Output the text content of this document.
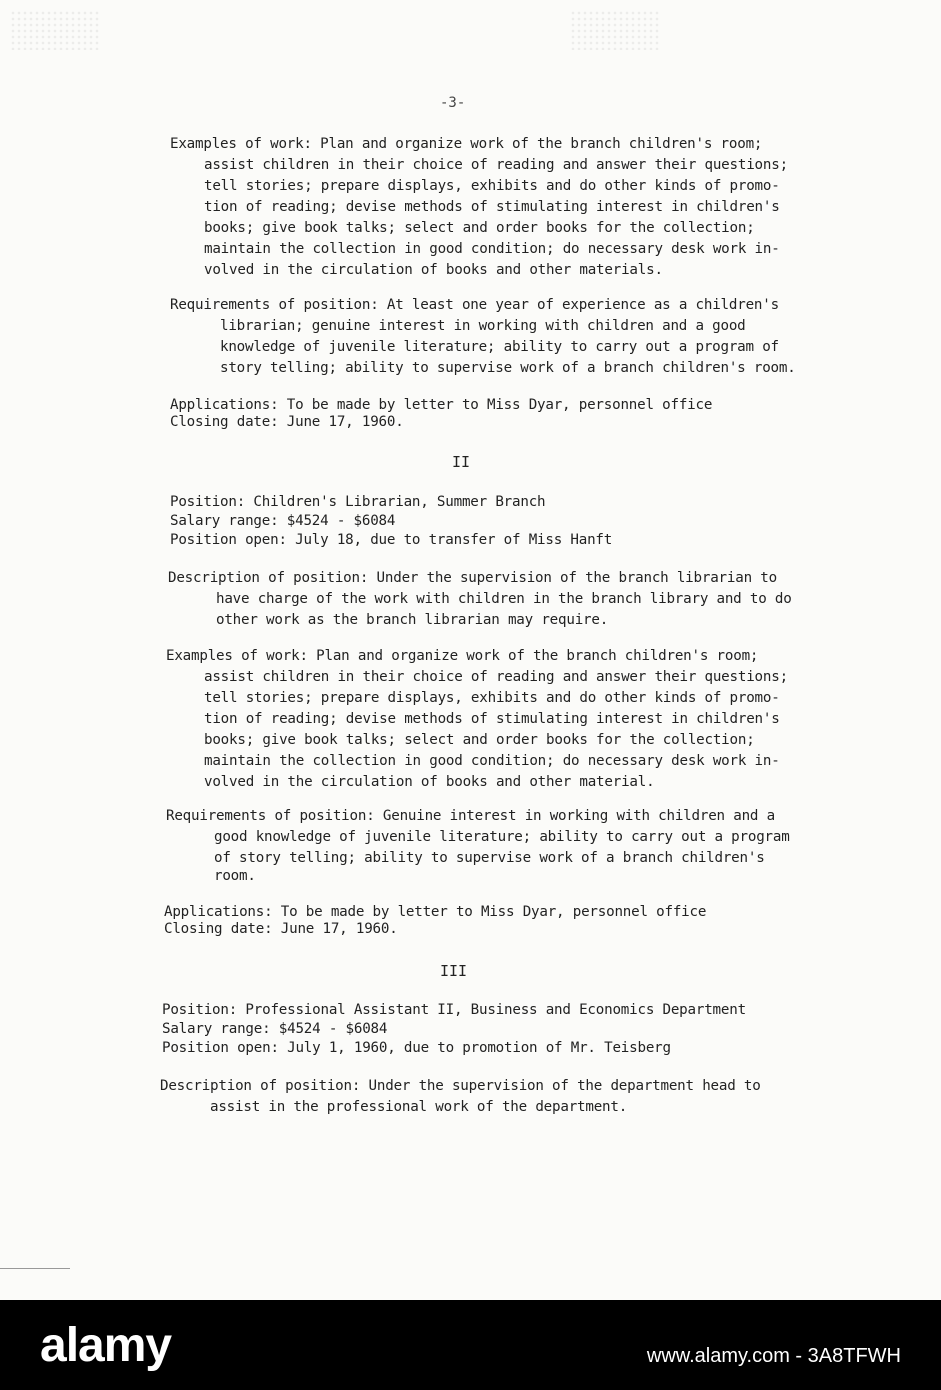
-3-
Examples of work: Plan and organize work of the branch children's room;
assist children in their choice of reading and answer their questions;
tell stories; prepare displays, exhibits and do other kinds of promo-
tion of reading; devise methods of stimulating interest in children's
books; give book talks; select and order books for the collection;
maintain the collection in good condition; do necessary desk work in-
volved in the circulation of books and other materials.
Requirements of position: At least one year of experience as a children's
librarian; genuine interest in working with children and a good
knowledge of juvenile literature; ability to carry out a program of
story telling; ability to supervise work of a branch children's room.
Applications: To be made by letter to Miss Dyar, personnel office
Closing date: June 17, 1960.
II
Position: Children's Librarian, Summer Branch
Salary range: $4524 - $6084
Position open: July 18, due to transfer of Miss Hanft
Description of position: Under the supervision of the branch librarian to
have charge of the work with children in the branch library and to do
other work as the branch librarian may require.
Examples of work: Plan and organize work of the branch children's room;
assist children in their choice of reading and answer their questions;
tell stories; prepare displays, exhibits and do other kinds of promo-
tion of reading; devise methods of stimulating interest in children's
books; give book talks; select and order books for the collection;
maintain the collection in good condition; do necessary desk work in-
volved in the circulation of books and other material.
Requirements of position: Genuine interest in working with children and a
good knowledge of juvenile literature; ability to carry out a program
of story telling; ability to supervise work of a branch children's
room.
Applications: To be made by letter to Miss Dyar, personnel office
Closing date: June 17, 1960.
III
Position: Professional Assistant II, Business and Economics Department
Salary range: $4524 - $6084
Position open: July 1, 1960, due to promotion of Mr. Teisberg
Description of position: Under the supervision of the department head to
assist in the professional work of the department.
alamy	www.alamy.com - 3A8TFWH
